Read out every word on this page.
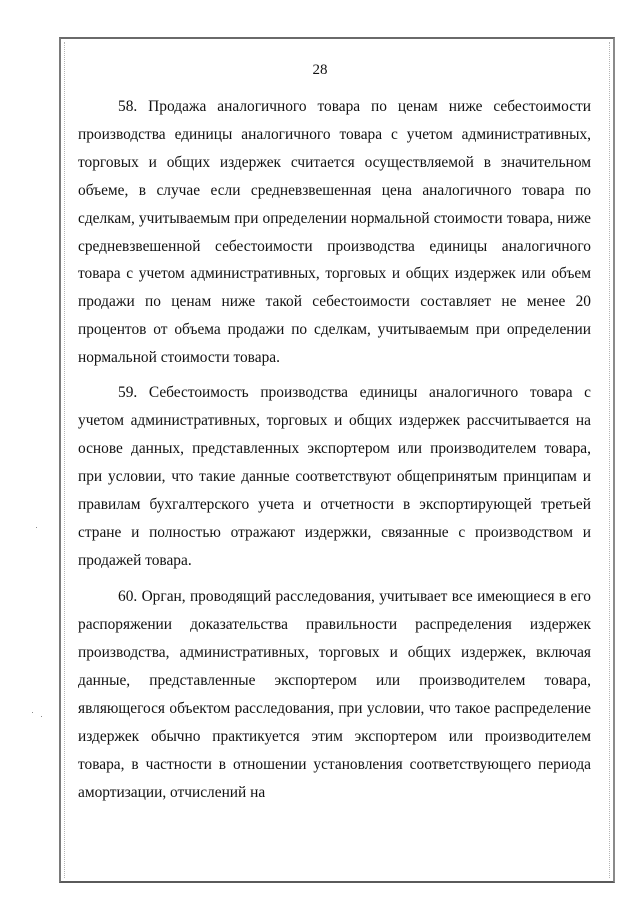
28

58. Продажа аналогичного товара по ценам ниже себестоимости производства единицы аналогичного товара с учетом административных, торговых и общих издержек считается осуществляемой в значительном объеме, в случае если средневзвешенная цена аналогичного товара по сделкам, учитываемым при определении нормальной стоимости товара, ниже средневзвешенной себестоимости производства единицы аналогичного товара с учетом административных, торговых и общих издержек или объем продажи по ценам ниже такой себестоимости составляет не менее 20 процентов от объема продажи по сделкам, учитываемым при определении нормальной стоимости товара.

59. Себестоимость производства единицы аналогичного товара с учетом административных, торговых и общих издержек рассчитывается на основе данных, представленных экспортером или производителем товара, при условии, что такие данные соответствуют общепринятым принципам и правилам бухгалтерского учета и отчетности в экспортирующей третьей стране и полностью отражают издержки, связанные с производством и продажей товара.

60. Орган, проводящий расследования, учитывает все имеющиеся в его распоряжении доказательства правильности распределения издержек производства, административных, торговых и общих издержек, включая данные, представленные экспортером или производителем товара, являющегося объектом расследования, при условии, что такое распределение издержек обычно практикуется этим экспортером или производителем товара, в частности в отношении установления соответствующего периода амортизации, отчислений на
